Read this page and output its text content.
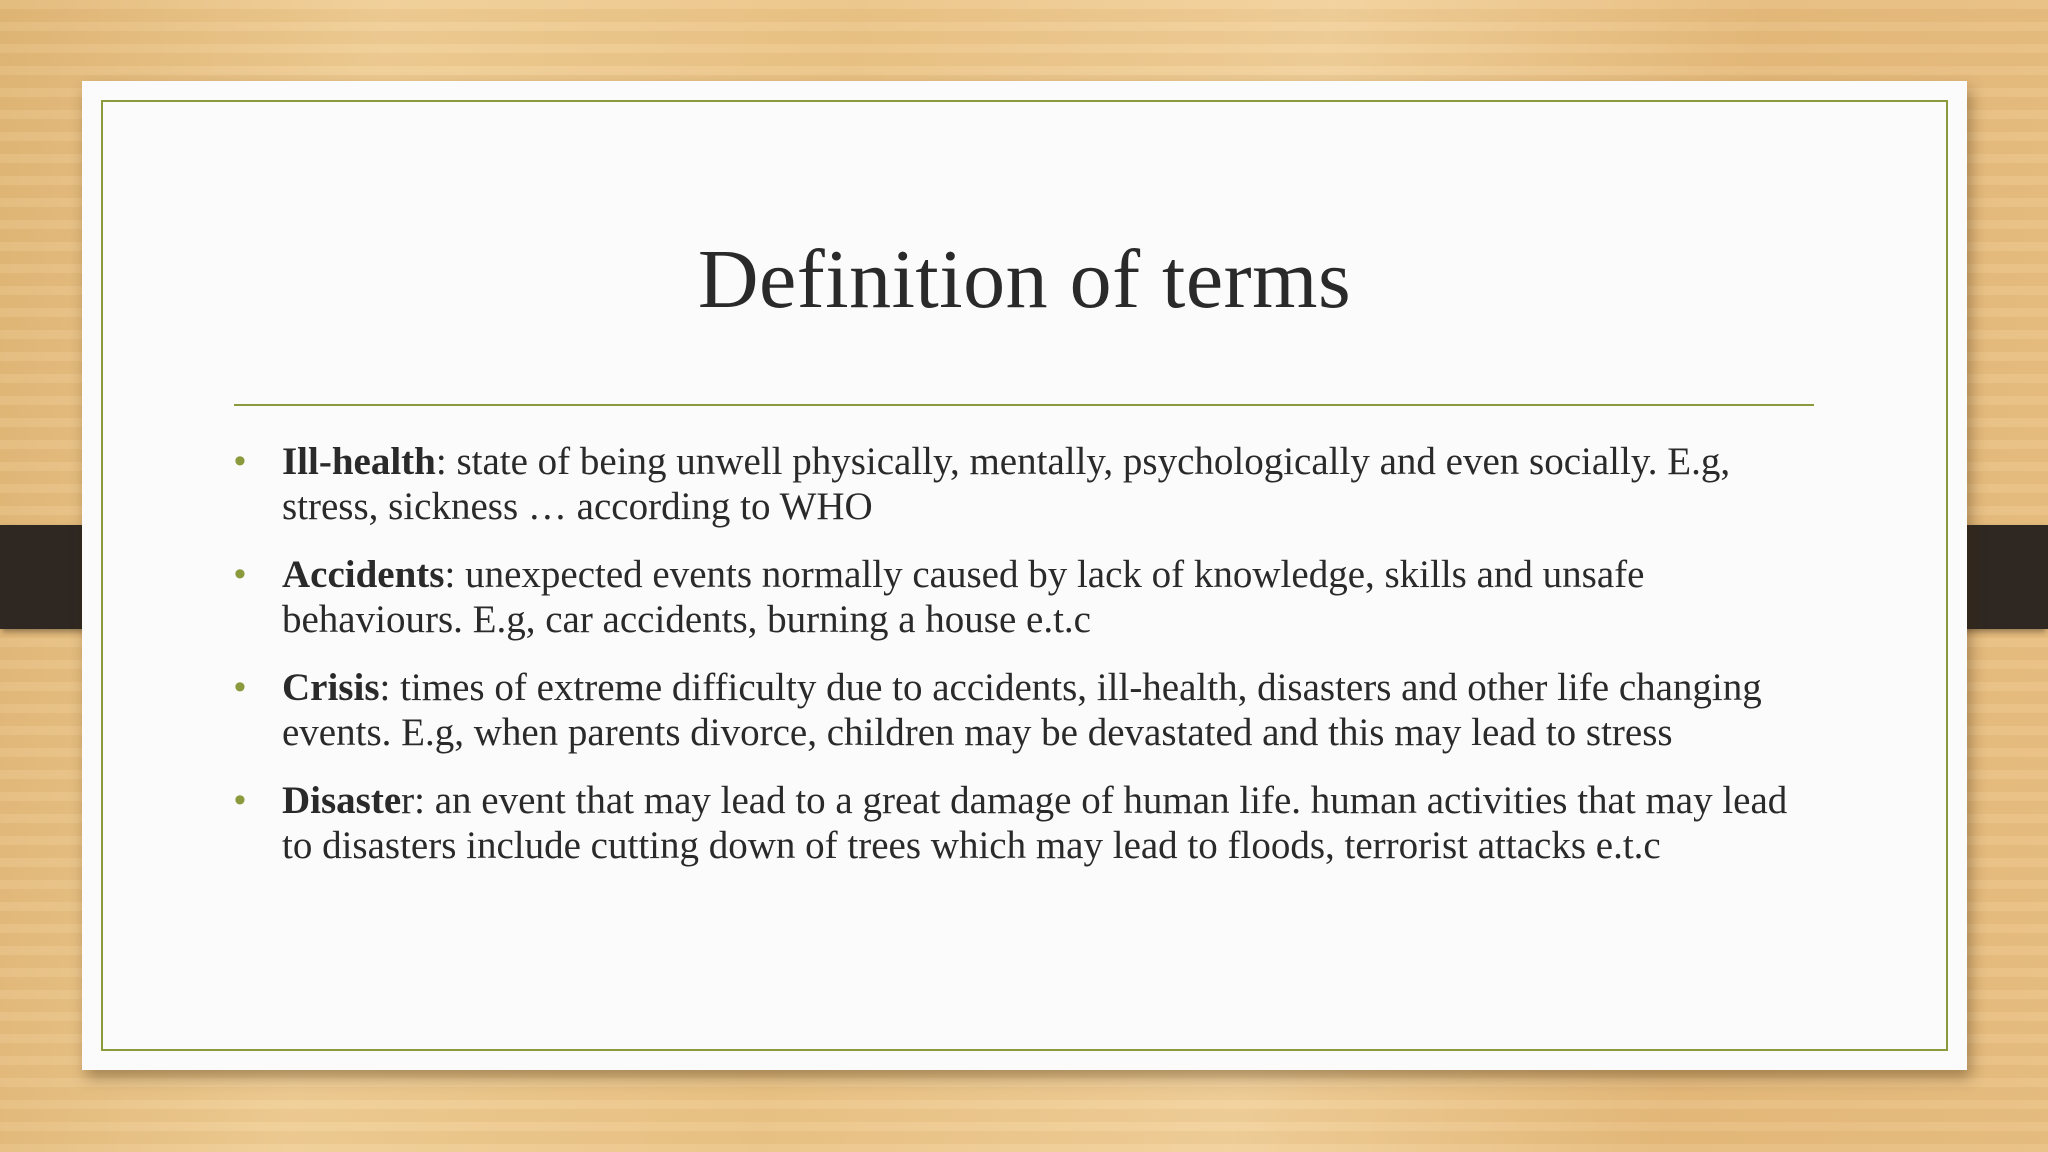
Definition of terms
• Ill-health: state of being unwell physically, mentally, psychologically and even socially. E.g, stress, sickness … according to WHO
• Accidents: unexpected events normally caused by lack of knowledge, skills and unsafe behaviours. E.g, car accidents, burning a house e.t.c
• Crisis: times of extreme difficulty due to accidents, ill-health, disasters and other life changing events. E.g, when parents divorce, children may be devastated and this may lead to stress
• Disaster: an event that may lead to a great damage of human life. human activities that may lead to disasters include cutting down of trees which may lead to floods, terrorist attacks e.t.c
